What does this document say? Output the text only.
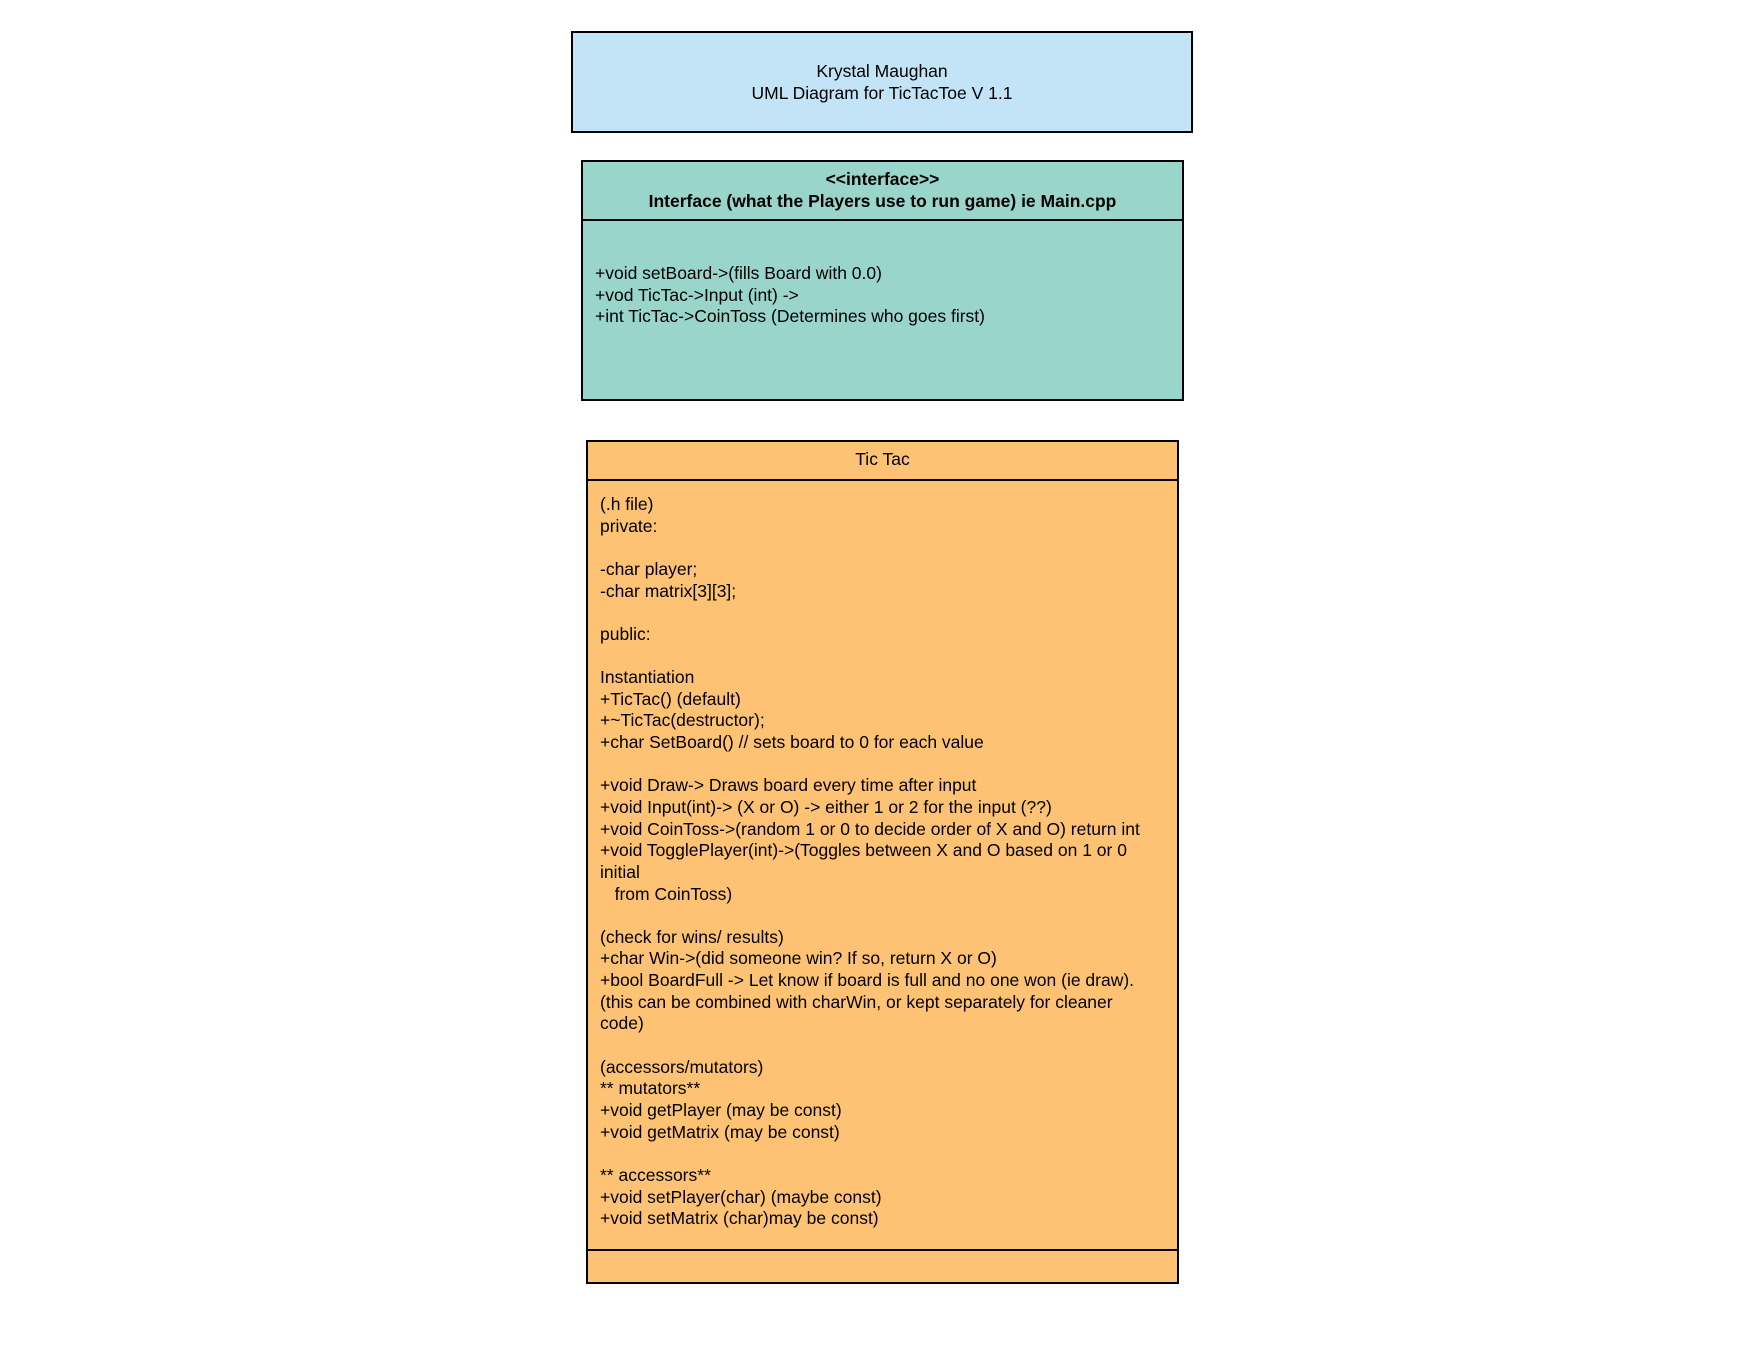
Krystal Maughan
UML Diagram for TicTacToe V 1.1
<<interface>>
Interface (what the Players use to run game) ie Main.cpp
+void setBoard->(fills Board with 0.0)
+vod TicTac->Input (int) ->
+int TicTac->CoinToss (Determines who goes first)
Tic Tac
(.h file)
private:
-char player;
-char matrix[3][3];
public:
Instantiation
+TicTac() (default)
+~TicTac(destructor);
+char SetBoard() // sets board to 0 for each value
+void Draw-> Draws board every time after input
+void Input(int)-> (X or O) -> either 1 or 2 for the input (??)
+void CoinToss->(random 1 or 0 to decide order of X and O) return int
+void TogglePlayer(int)->(Toggles between X and O based on 1 or 0
initial
from CoinToss)
(check for wins/ results)
+char Win->(did someone win? If so, return X or O)
+bool BoardFull -> Let know if board is full and no one won (ie draw).
(this can be combined with charWin, or kept separately for cleaner
code)
(accessors/mutators)
** mutators**
+void getPlayer (may be const)
+void getMatrix (may be const)
** accessors**
+void setPlayer(char) (maybe const)
+void setMatrix (char)may be const)
